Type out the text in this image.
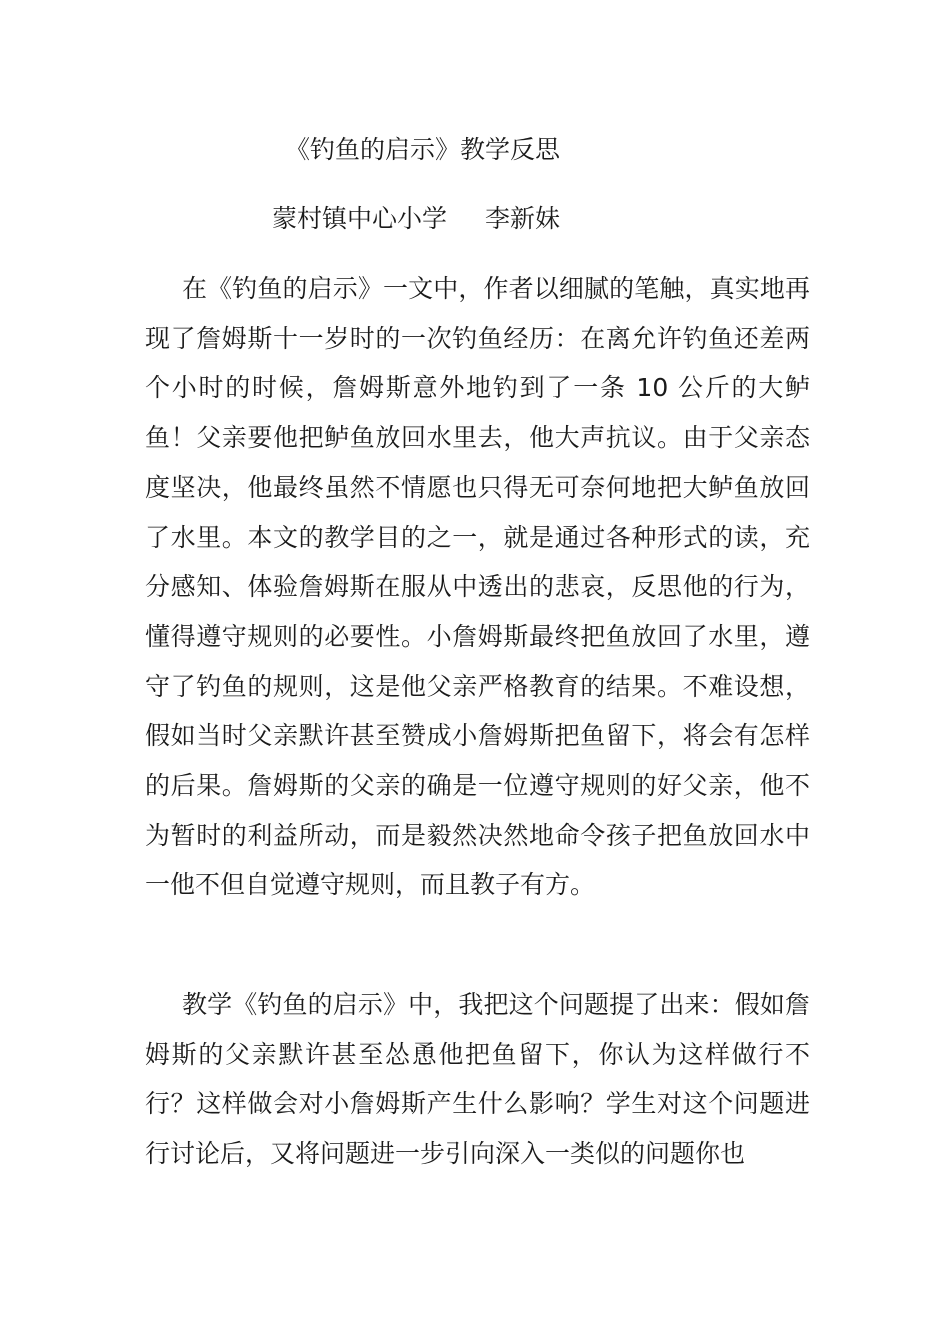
《钓鱼的启示》教学反思
蒙村镇中心小学 李新妹

在《钓鱼的启示》一文中，作者以细腻的笔触，真实地再现了詹姆斯十一岁时的一次钓鱼经历：在离允许钓鱼还差两个小时的时候，詹姆斯意外地钓到了一条 10 公斤的大鲈鱼！父亲要他把鲈鱼放回水里去，他大声抗议。由于父亲态度坚决，他最终虽然不情愿也只得无可奈何地把大鲈鱼放回了水里。本文的教学目的之一，就是通过各种形式的读，充分感知、体验詹姆斯在服从中透出的悲哀，反思他的行为，懂得遵守规则的必要性。小詹姆斯最终把鱼放回了水里，遵守了钓鱼的规则，这是他父亲严格教育的结果。不难设想，假如当时父亲默许甚至赞成小詹姆斯把鱼留下，将会有怎样的后果。詹姆斯的父亲的确是一位遵守规则的好父亲，他不为暂时的利益所动，而是毅然决然地命令孩子把鱼放回水中一他不但自觉遵守规则，而且教子有方。

教学《钓鱼的启示》中，我把这个问题提了出来：假如詹姆斯的父亲默许甚至怂恿他把鱼留下，你认为这样做行不行？这样做会对小詹姆斯产生什么影响？学生对这个问题进行讨论后，又将问题进一步引向深入一类似的问题你也
